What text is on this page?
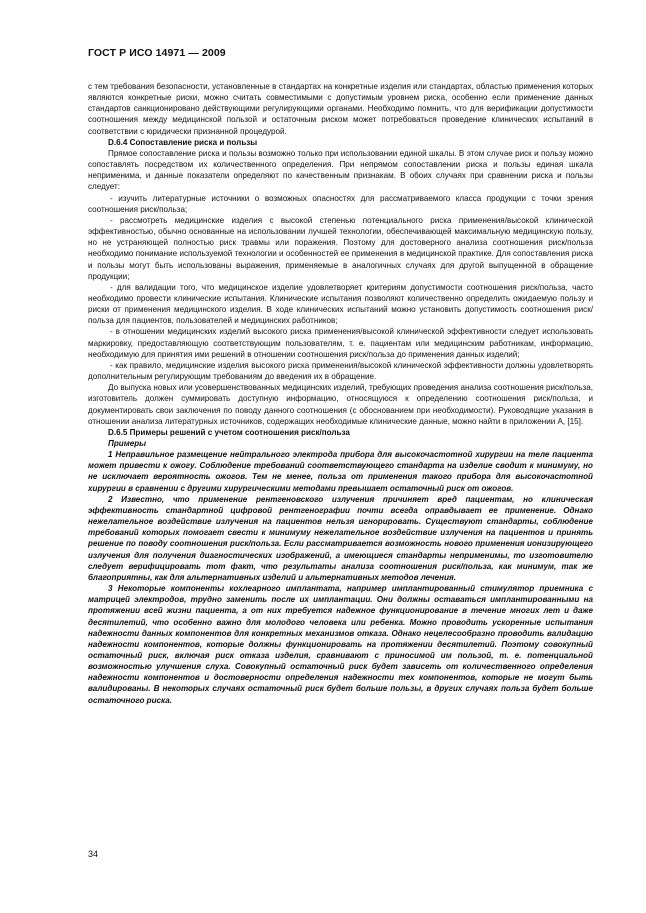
ГОСТ Р ИСО 14971 — 2009

с тем требования безопасности, установленные в стандартах на конкретные изделия или стандартах, областью применения которых являются конкретные риски, можно считать совместимыми с допустимым уровнем риска, особенно если применение данных стандартов санкционировано действующими регулирующими органами. Необходимо помнить, что для верификации допустимости соотношения между медицинской пользой и остаточным риском может потребоваться проведение клинических испытаний в соответствии с юридически признанной процедурой.

D.6.4 Сопоставление риска и пользы

Прямое сопоставление риска и пользы возможно только при использовании единой шкалы. В этом случае риск и пользу можно сопоставлять посредством их количественного определения. При непрямом сопоставлении риска и пользы единая шкала неприменима, и данные показатели определяют по качественным признакам. В обоих случаях при сравнении риска и пользы следует:

- изучить литературные источники о возможных опасностях для рассматриваемого класса продукции с точки зрения соотношения риск/польза;

- рассмотреть медицинские изделия с высокой степенью потенциального риска применения/высокой клинической эффективностью, обычно основанные на использовании лучшей технологии, обеспечивающей максимальную медицинскую пользу, но не устраняющей полностью риск травмы или поражения. Поэтому для достоверного анализа соотношения риск/польза необходимо понимание используемой технологии и особенностей ее применения в медицинской практике. Для сопоставления риска и пользы могут быть использованы выражения, применяемые в аналогичных случаях для другой выпущенной в обращение продукции;

- для валидации того, что медицинское изделие удовлетворяет критериям допустимости соотношения риск/польза, часто необходимо провести клинические испытания. Клинические испытания позволяют количественно определить ожидаемую пользу и риски от применения медицинского изделия. В ходе клинических испытаний можно установить допустимость соотношения риск/польза для пациентов, пользователей и медицинских работников;

- в отношении медицинских изделий высокого риска применения/высокой клинической эффективности следует использовать маркировку, предоставляющую соответствующим пользователям, т. е. пациентам или медицинским работникам, информацию, необходимую для принятия ими решений в отношении соотношения риск/польза до применения данных изделий;

- как правило, медицинские изделия высокого риска применения/высокой клинической эффективности должны удовлетворять дополнительным регулирующим требованиям до введения их в обращение.

До выпуска новых или усовершенствованных медицинских изделий, требующих проведения анализа соотношения риск/польза, изготовитель должен суммировать доступную информацию, относящуюся к определению соотношения риск/польза, и документировать свои заключения по поводу данного соотношения (с обоснованием при необходимости). Руководящие указания в отношении анализа литературных источников, содержащих необходимые клинические данные, можно найти в приложении А, [15].

D.6.5 Примеры решений с учетом соотношения риск/польза

Примеры

1 Неправильное размещение нейтрального электрода прибора для высокочастотной хирургии на теле пациента может привести к ожогу. Соблюдение требований соответствующего стандарта на изделие сводит к минимуму, но не исключает вероятность ожогов. Тем не менее, польза от применения такого прибора для высокочастотной хирургии в сравнении с другими хирургическими методами превышает остаточный риск от ожогов.

2 Известно, что применение рентгеновского излучения причиняет вред пациентам, но клиническая эффективность стандартной цифровой рентгенографии почти всегда оправдывает ее применение. Однако нежелательное воздействие излучения на пациентов нельзя игнорировать. Существуют стандарты, соблюдение требований которых помогает свести к минимуму нежелательное воздействие излучения на пациентов и принять решение по поводу соотношения риск/польза. Если рассматривается возможность нового применения ионизирующего излучения для получения диагностических изображений, а имеющиеся стандарты неприменимы, то изготовителю следует верифицировать тот факт, что результаты анализа соотношения риск/польза, как минимум, так же благоприятны, как для альтернативных изделий и альтернативных методов лечения.

3 Некоторые компоненты кохлеарного имплантата, например имплантированный стимулятор приемника с матрицей электродов, трудно заменить после их имплантации. Они должны оставаться имплантированными на протяжении всей жизни пациента, а от них требуется надежное функционирование в течение многих лет и даже десятилетий, что особенно важно для молодого человека или ребенка. Можно проводить ускоренные испытания надежности данных компонентов для конкретных механизмов отказа. Однако нецелесообразно проводить валидацию надежности компонентов, которые должны функционировать на протяжении десятилетий. Поэтому совокупный остаточный риск, включая риск отказа изделия, сравнивают с приносимой им пользой, т. е. потенциальной возможностью улучшения слуха. Совокупный остаточный риск будет зависеть от количественного определения надежности компонентов и достоверности определения надежности тех компонентов, которые не могут быть валидированы. В некоторых случаях остаточный риск будет больше пользы, в других случаях польза будет больше остаточного риска.

34
